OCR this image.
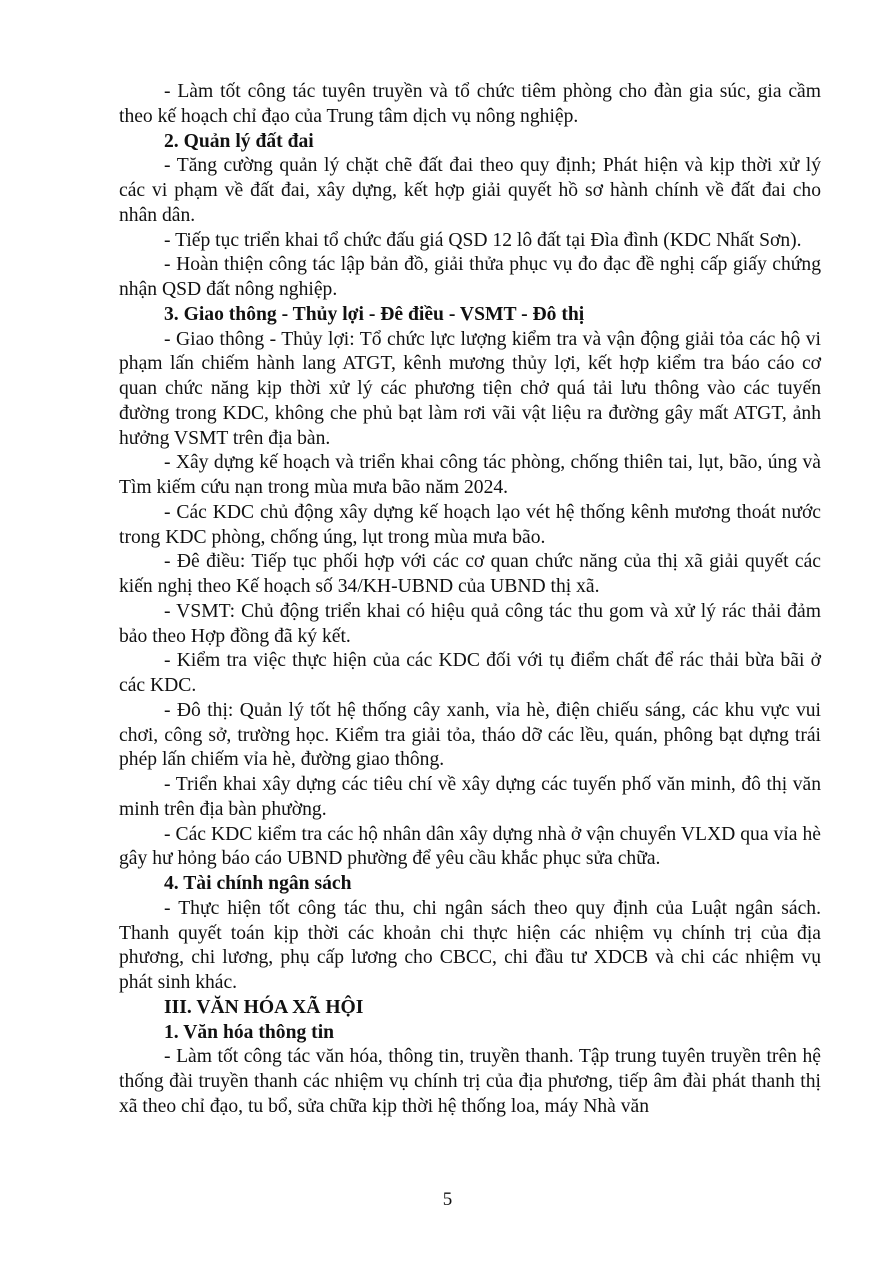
- Làm tốt công tác tuyên truyền và tổ chức tiêm phòng cho đàn gia súc, gia cầm theo kế hoạch chỉ đạo của Trung tâm dịch vụ nông nghiệp.

2. Quản lý đất đai

- Tăng cường quản lý chặt chẽ đất đai theo quy định; Phát hiện và kịp thời xử lý các vi phạm về đất đai, xây dựng, kết hợp giải quyết hồ sơ hành chính về đất đai cho nhân dân.

- Tiếp tục triển khai tổ chức đấu giá QSD 12 lô đất tại Đìa đình (KDC Nhất Sơn).

- Hoàn thiện công tác lập bản đồ, giải thửa phục vụ đo đạc đề nghị cấp giấy chứng nhận QSD đất nông nghiệp.

3. Giao thông - Thủy lợi - Đê điều - VSMT - Đô thị

- Giao thông - Thủy lợi: Tổ chức lực lượng kiểm tra và vận động giải tỏa các hộ vi phạm lấn chiếm hành lang ATGT, kênh mương thủy lợi, kết hợp kiểm tra báo cáo cơ quan chức năng kịp thời xử lý các phương tiện chở quá tải lưu thông vào các tuyến đường trong KDC, không che phủ bạt làm rơi vãi vật liệu ra đường gây mất ATGT, ảnh hưởng VSMT trên địa bàn.

- Xây dựng kế hoạch và triển khai công tác phòng, chống thiên tai, lụt, bão, úng và Tìm kiếm cứu nạn trong mùa mưa bão năm 2024.

- Các KDC chủ động xây dựng kế hoạch lạo vét hệ thống kênh mương thoát nước trong KDC phòng, chống úng, lụt trong mùa mưa bão.

- Đê điều: Tiếp tục phối hợp với các cơ quan chức năng của thị xã giải quyết các kiến nghị theo Kế hoạch số 34/KH-UBND của UBND thị xã.

- VSMT: Chủ động triển khai có hiệu quả công tác thu gom và xử lý rác thải đảm bảo theo Hợp đồng đã ký kết.

- Kiểm tra việc thực hiện của các KDC đối với tụ điểm chất để rác thải bừa bãi ở các KDC.

- Đô thị: Quản lý tốt hệ thống cây xanh, vỉa hè, điện chiếu sáng, các khu vực vui chơi, công sở, trường học. Kiểm tra giải tỏa, tháo dỡ các lều, quán, phông bạt dựng trái phép lấn chiếm vỉa hè, đường giao thông.

- Triển khai xây dựng các tiêu chí về xây dựng các tuyến phố văn minh, đô thị văn minh trên địa bàn phường.

- Các KDC kiểm tra các hộ nhân dân xây dựng nhà ở vận chuyển VLXD qua vỉa hè gây hư hỏng báo cáo UBND phường để yêu cầu khắc phục sửa chữa.

4. Tài chính ngân sách

- Thực hiện tốt công tác thu, chi ngân sách theo quy định của Luật ngân sách. Thanh quyết toán kịp thời các khoản chi thực hiện các nhiệm vụ chính trị của địa phương, chi lương, phụ cấp lương cho CBCC, chi đầu tư XDCB và chi các nhiệm vụ phát sinh khác.

III. VĂN HÓA XÃ HỘI

1. Văn hóa thông tin

- Làm tốt công tác văn hóa, thông tin, truyền thanh. Tập trung tuyên truyền trên hệ thống đài truyền thanh các nhiệm vụ chính trị của địa phương, tiếp âm đài phát thanh thị xã theo chỉ đạo, tu bổ, sửa chữa kịp thời hệ thống loa, máy Nhà văn

5
